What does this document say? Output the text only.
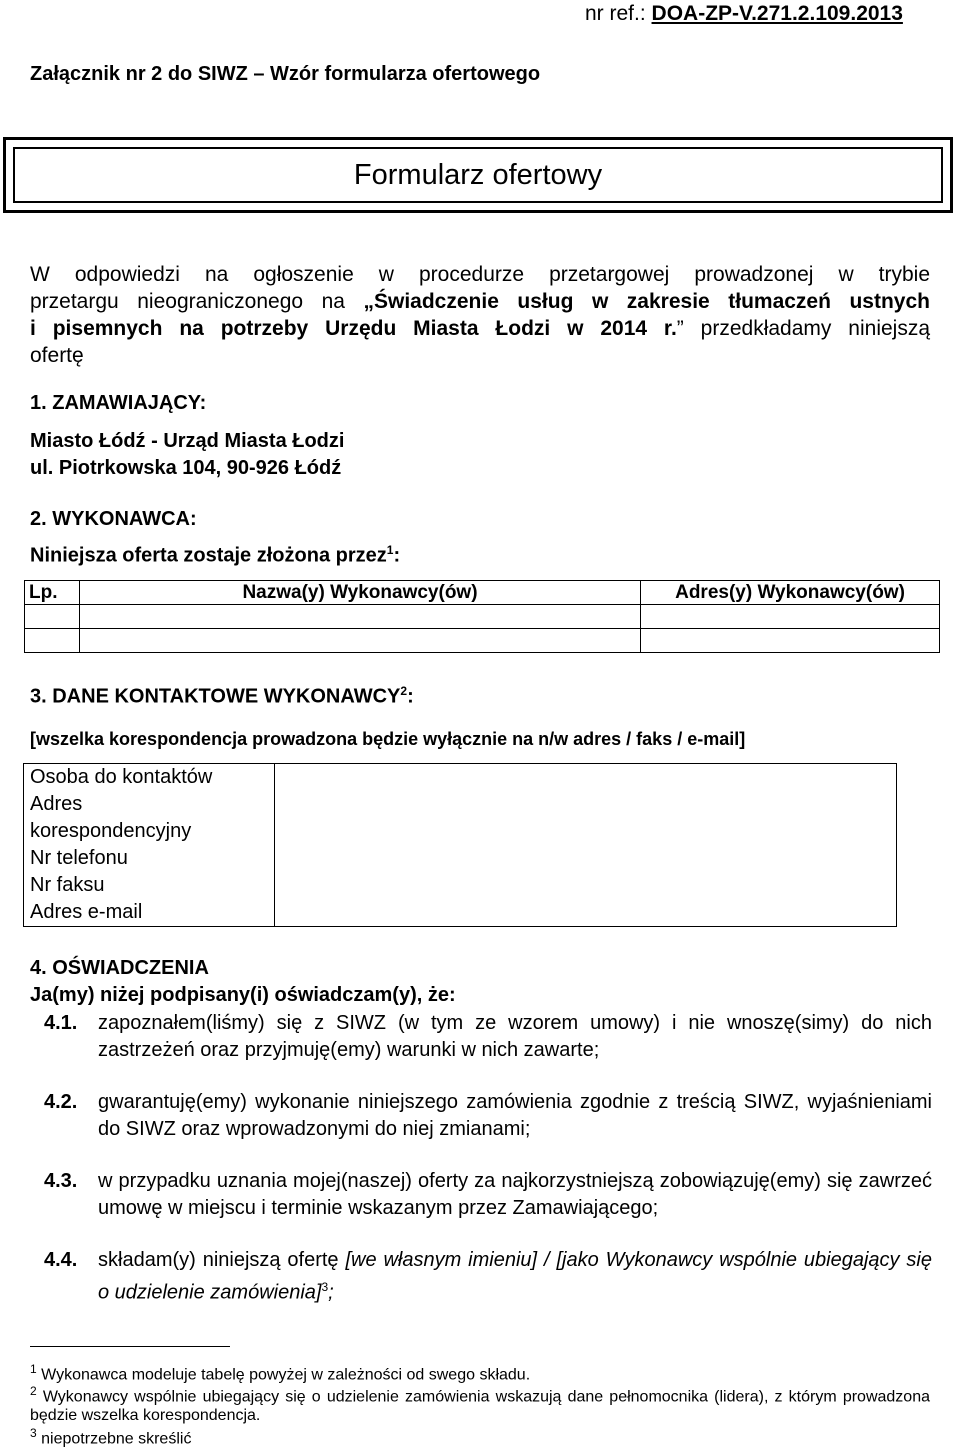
nr ref.: DOA-ZP-V.271.2.109.2013
Załącznik nr 2 do SIWZ – Wzór formularza ofertowego
Formularz ofertowy
W odpowiedzi na ogłoszenie w procedurze przetargowej prowadzonej w trybie
przetargu nieograniczonego na „Świadczenie usług w zakresie tłumaczeń ustnych
i pisemnych na potrzeby Urzędu Miasta Łodzi w 2014 r.” przedkładamy niniejszą
ofertę
1. ZAMAWIAJĄCY:
Miasto Łódź - Urząd Miasta Łodzi
ul. Piotrkowska 104, 90-926 Łódź
2. WYKONAWCA:
Niniejsza oferta zostaje złożona przez$^1$:
Lp.	Nazwa(y) Wykonawcy(ów)	Adres(y) Wykonawcy(ów)

3. DANE KONTAKTOWE WYKONAWCY$^2$:
[wszelka korespondencja prowadzona będzie wyłącznie na n/w adres / faks / e-mail]
Osoba do kontaktów
Adres
korespondencyjny
Nr telefonu
Nr faksu
Adres e-mail

4. OŚWIADCZENIA
Ja(my) niżej podpisany(i) oświadczam(y), że:
4.1. zapoznałem(liśmy) się z SIWZ (w tym ze wzorem umowy) i nie wnoszę(simy) do nich zastrzeżeń oraz przyjmuję(emy) warunki w nich zawarte;
4.2. gwarantuję(emy) wykonanie niniejszego zamówienia zgodnie z treścią SIWZ, wyjaśnieniami do SIWZ oraz wprowadzonymi do niej zmianami;
4.3. w przypadku uznania mojej(naszej) oferty za najkorzystniejszą zobowiązuję(emy) się zawrzeć umowę w miejscu i terminie wskazanym przez Zamawiającego;
4.4. składam(y) niniejszą ofertę [we własnym imieniu] / [jako Wykonawcy wspólnie ubiegający się o udzielenie zamówienia]$^3$;
$^1$ Wykonawca modeluje tabelę powyżej w zależności od swego składu.
$^2$ Wykonawcy wspólnie ubiegający się o udzielenie zamówienia wskazują dane pełnomocnika (lidera), z którym prowadzona będzie wszelka korespondencja.
$^3$ niepotrzebne skreślić
